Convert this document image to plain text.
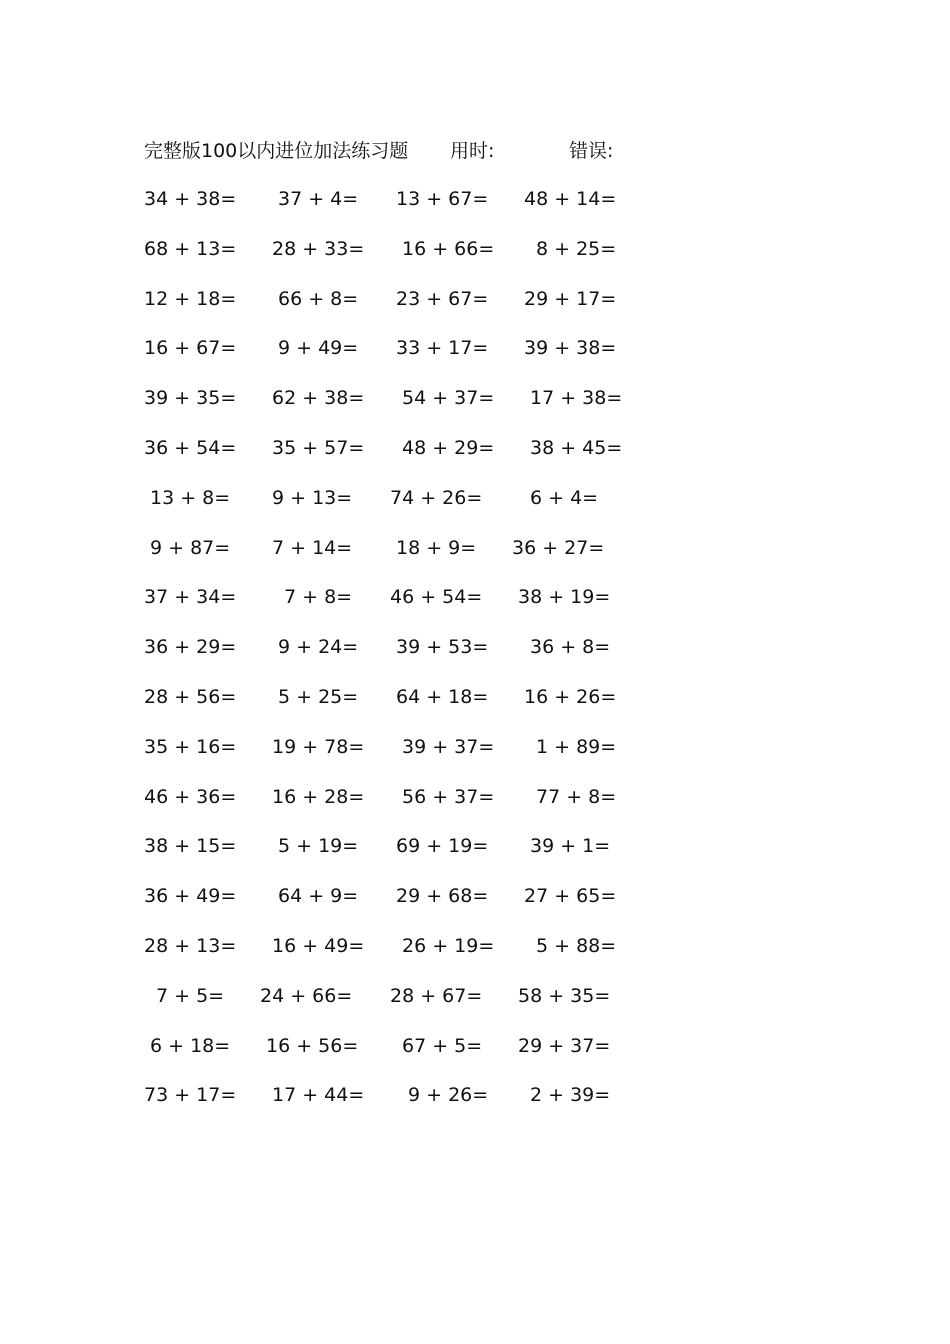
完整版100以内进位加法练习题 用时:	错误:
34 + 38= 37 + 4= 13 + 67= 48 + 14=
68 + 13= 28 + 33= 16 + 66= 8 + 25=
12 + 18= 66 + 8= 23 + 67= 29 + 17=
16 + 67= 9 + 49= 33 + 17= 39 + 38=
39 + 35= 62 + 38= 54 + 37= 17 + 38=
36 + 54= 35 + 57= 48 + 29= 38 + 45=
13 + 8= 9 + 13= 74 + 26=	6 + 4=
9 + 87= 7 + 14= 18 + 9= 36 + 27=
37 + 34=	7 + 8= 46 + 54= 38 + 19=
36 + 29= 9 + 24= 39 + 53= 36 + 8=
28 + 56= 5 + 25= 64 + 18= 16 + 26=
35 + 16= 19 + 78= 39 + 37= 1 + 89=
46 + 36= 16 + 28= 56 + 37= 77 + 8=
38 + 15= 5 + 19= 69 + 19= 39 + 1=
36 + 49= 64 + 9= 29 + 68= 27 + 65=
28 + 13= 16 + 49= 26 + 19= 5 + 88=
7 + 5= 24 + 66= 28 + 67= 58 + 35=
6 + 18= 16 + 56= 67 + 5= 29 + 37=
73 + 17= 17 + 44= 9 + 26= 2 + 39=
